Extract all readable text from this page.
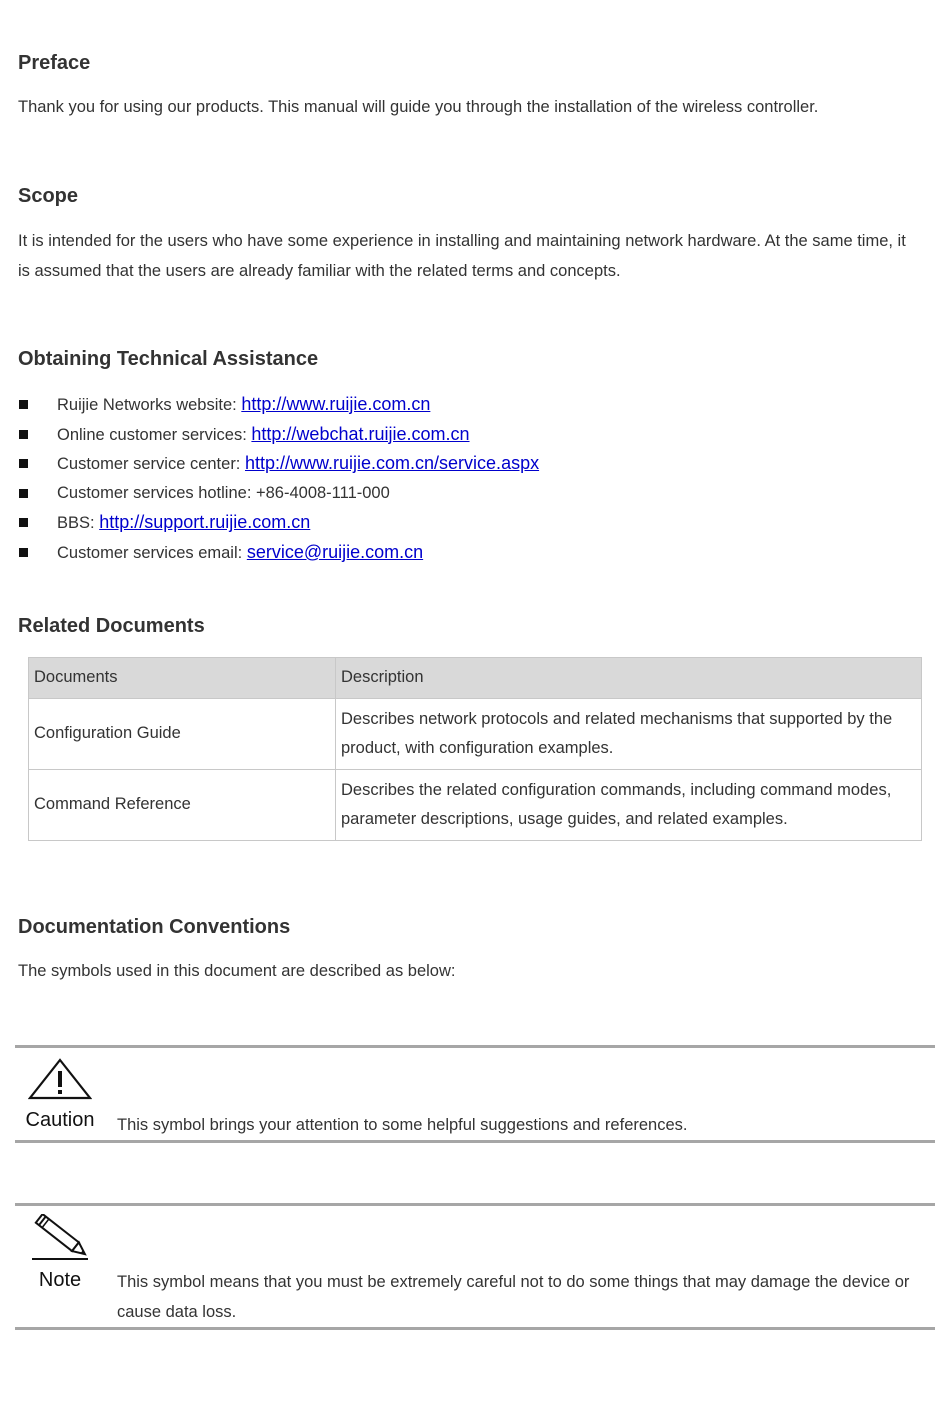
Preface

Thank you for using our products. This manual will guide you through the installation of the wireless controller.

Scope

It is intended for the users who have some experience in installing and maintaining network hardware. At the same time, it

is assumed that the users are already familiar with the related terms and concepts.

Obtaining Technical Assistance
Ruijie Networks website: http://www.ruijie.com.cn
Online customer services: http://webchat.ruijie.com.cn
Customer service center: http://www.ruijie.com.cn/service.aspx
Customer services hotline: +86-4008-111-000
BBS: http://support.ruijie.com.cn
Customer services email: service@ruijie.com.cn
Related Documents
Documents	Description
Configuration Guide	Describes network protocols and related mechanisms that supported by the
product, with configuration examples.
Command Reference	Describes the related configuration commands, including command modes,
parameter descriptions, usage guides, and related examples.
Documentation Conventions

The symbols used in this document are described as below:

Caution	This symbol brings your attention to some helpful suggestions and references.

Note	This symbol means that you must be extremely careful not to do some things that may damage the device or

cause data loss.
